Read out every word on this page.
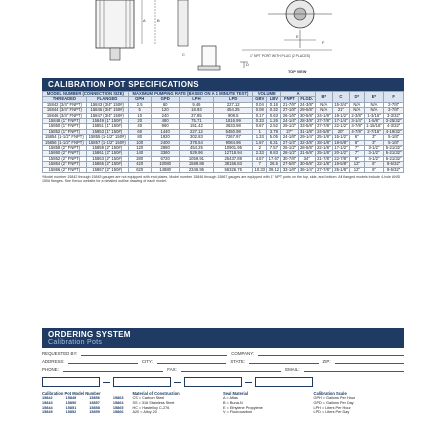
A	B
C
D
E
F
1" NPT PORT WITH PLUG (2 PLACES)
TOP VIEW
CALIBRATION POT SPECIFICATIONS
MODEL NUMBER (CONNECTION SIZE)		MAXIMUM PUMPING RATE (BASED ON A 1 MINUTE TEST)				VOLUME		A		B*	C	D*	E*	F
THREADED	FLANGED	GPH	GPD	LPH	LPD	GBV	LBV	FNPT	FLGD.					
15842 (3/4" FNPT)	15843 (3/4" 150#)	2.5	60	9.46	227.12	0.04	0.16	21-7/8"	24-3/8"	N/A	15-3/4"	N/A	N/A	2-7/8"
15844 (3/4" FNPT)	15845 (3/4" 150#)	5	120	18.93	454.25	0.08	0.32	27-1/8"	29-5/8"	N/A	21"	N/A	N/A	2-7/8"
15846 (3/4" FNPT)	15847 (3/4" 150#)	10	240	37.85	908.5	0.17	0.63	26-1/8"	30-5/8"	24-1/8"	19-1/2"	2-3/8"	1-3/16"	3-3/32"
15848 (1" FNPT)	15849 (1" 150#)	20	480	75.71	1816.99	0.33	1.26	24-1/4"	28-3/8"	27-7/8"	17-1/4"	3-1/4"	1-5/8"	3-25/32"
15850 (1" FNPT)	15851 (1" 150#)	40	960	151.42	3633.98	0.67	2.52	29-1/2"	33-5/8"	27-7/8"	22-1/2"	3-7/8"	1-15/16"	4-3/32"
15852 (1" FNPT)	15853 (1" 150#)	60	1440	227.12	5450.98	1	3.79	27"	31-1/8"	24-5/8"	20"	4-7/8"	2-7/16"	4-19/32"
15854 (1-1/2" FNPT)	15855 (1-1/2" 150#)	80	1920	302.83	7267.97	1.33	5.05	24-1/8"	29-1/4"	25-1/8"	15-1/2"	6"	3"	5-1/8"
15856 (1-1/2" FNPT)	15857 (1-1/2" 150#)	100	2400	378.54	9084.96	1.67	6.31	27-1/4"	32-3/8"	28-1/8"	18-5/8"	6"	3"	5-1/8"
15858 (2" FNPT)	15859 (2" 150#)	120	2880	454.25	10901.95	2	7.57	25-1/2"	28-5/8"	22-1/8"	17-1/2"	7"	3-1/2"	5-21/32"
15860 (2" FNPT)	15861 (2" 150#)	140	3360	529.96	12718.94	2.33	8.83	28-1/2"	31-5/8"	25-1/8"	20-1/2"	7"	3-1/2"	5-21/32"
15862 (2" FNPT)	15863 (2" 150#)	280	6720	1059.91	25437.89	4.67	17.67	30-7/8"	34"	21-7/8"	22-7/8"	9"	4-1/2"	6-21/32"
15864 (2" FNPT)	15865 (2" 150#)	420	10080	1589.86	38156.83	7	26.5	27-5/8"	30-5/8"	22-1/8"	19-5/8"	12"	6"	8-5/32"
15866 (2" FNPT)	15867 (2" 150#)	620	14880	2346.95	56326.75	10.33	39.12	33-1/8"	36-1/4"	27-7/8"	25-1/8"	12"	6"	8-5/32"
*Model number 15842 through 15845 gauges are not equipped with end plates. Model number 15846 through 15867 gauges are equipped with 1" NPT ports on the top, side, and bottom. All flanged models include 4-hole ANSI 150# flanges. See Kenco website for a detailed outline drawing of each model.
ORDERING SYSTEM
Calibration Pots
REQUESTED BY:	COMPANY:
ADDRESS:	CITY:	STATE:	ZIP:
PHONE:	FAX:	EMAIL:
Calibration Pot Model Number
15842	15849	15856	15863
15843	15850	15857	15864
15844	15851	15858	15865
15845	15852	15859	15866
Material of Construction
CS = Carbon Steel
SS = 316 Stainless Steel
HC = Hastelloy C-276
A20 = Alloy 20
Seal Material
A = Aflas
B = Buna-N
E = Ethylene Propylene
V = Fluorocarbon
Calibration Scale
GPH = Gallons Per Hour
GPD = Gallons Per Day
LPH = Liters Per Hour
LPD = Liters Per Day
